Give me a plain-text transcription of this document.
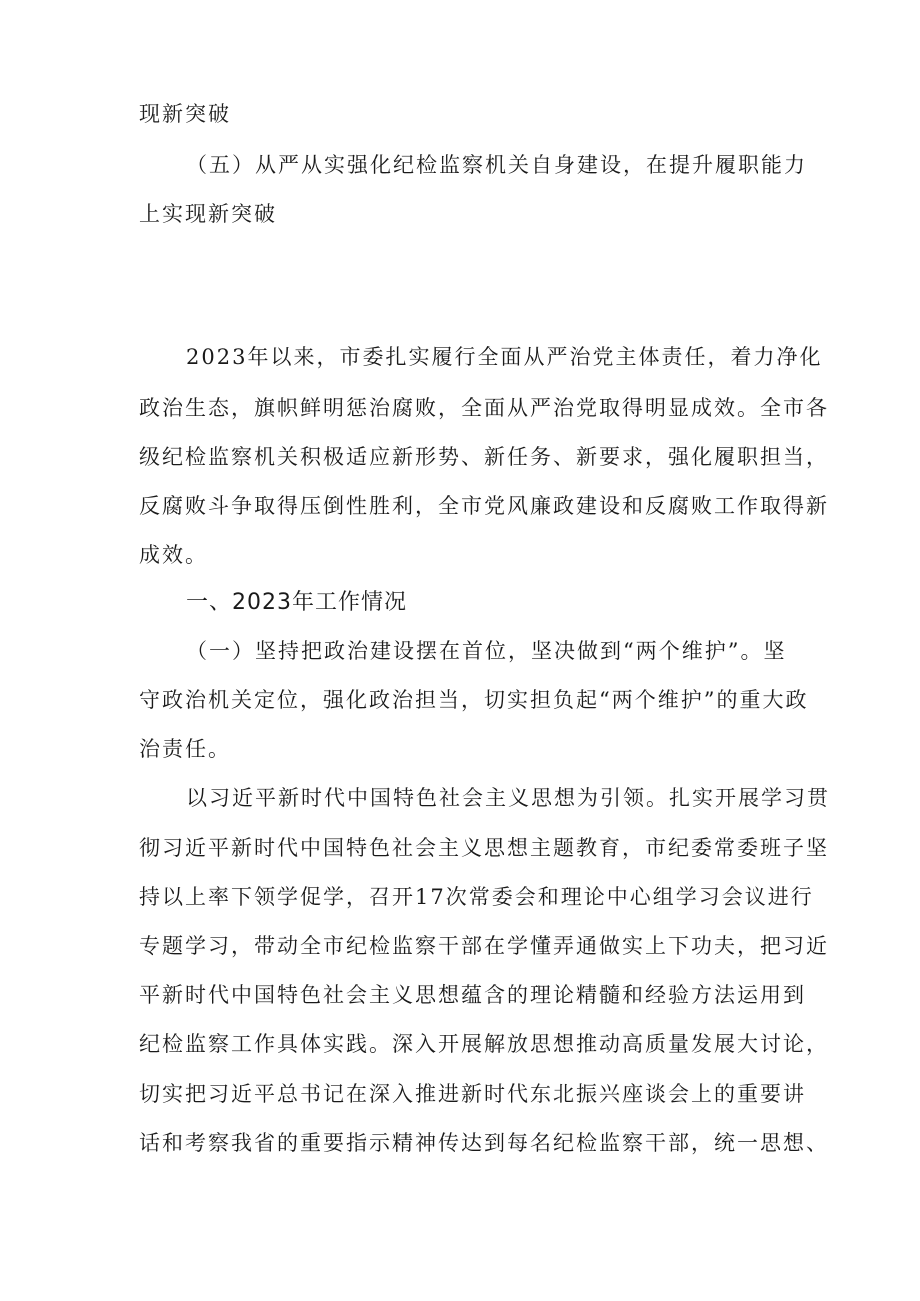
现新突破
（五）从严从实强化纪检监察机关自身建设，在提升履职能力
上实现新突破
2023年以来，市委扎实履行全面从严治党主体责任，着力净化
政治生态，旗帜鲜明惩治腐败，全面从严治党取得明显成效。全市各
级纪检监察机关积极适应新形势、新任务、新要求，强化履职担当，
反腐败斗争取得压倒性胜利，全市党风廉政建设和反腐败工作取得新
成效。
一、2023年工作情况
（一）坚持把政治建设摆在首位，坚决做到“两个维护”。坚
守政治机关定位，强化政治担当，切实担负起“两个维护”的重大政
治责任。
以习近平新时代中国特色社会主义思想为引领。扎实开展学习贯
彻习近平新时代中国特色社会主义思想主题教育，市纪委常委班子坚
持以上率下领学促学，召开17次常委会和理论中心组学习会议进行
专题学习，带动全市纪检监察干部在学懂弄通做实上下功夫，把习近
平新时代中国特色社会主义思想蕴含的理论精髓和经验方法运用到
纪检监察工作具体实践。深入开展解放思想推动高质量发展大讨论，
切实把习近平总书记在深入推进新时代东北振兴座谈会上的重要讲
话和考察我省的重要指示精神传达到每名纪检监察干部，统一思想、
